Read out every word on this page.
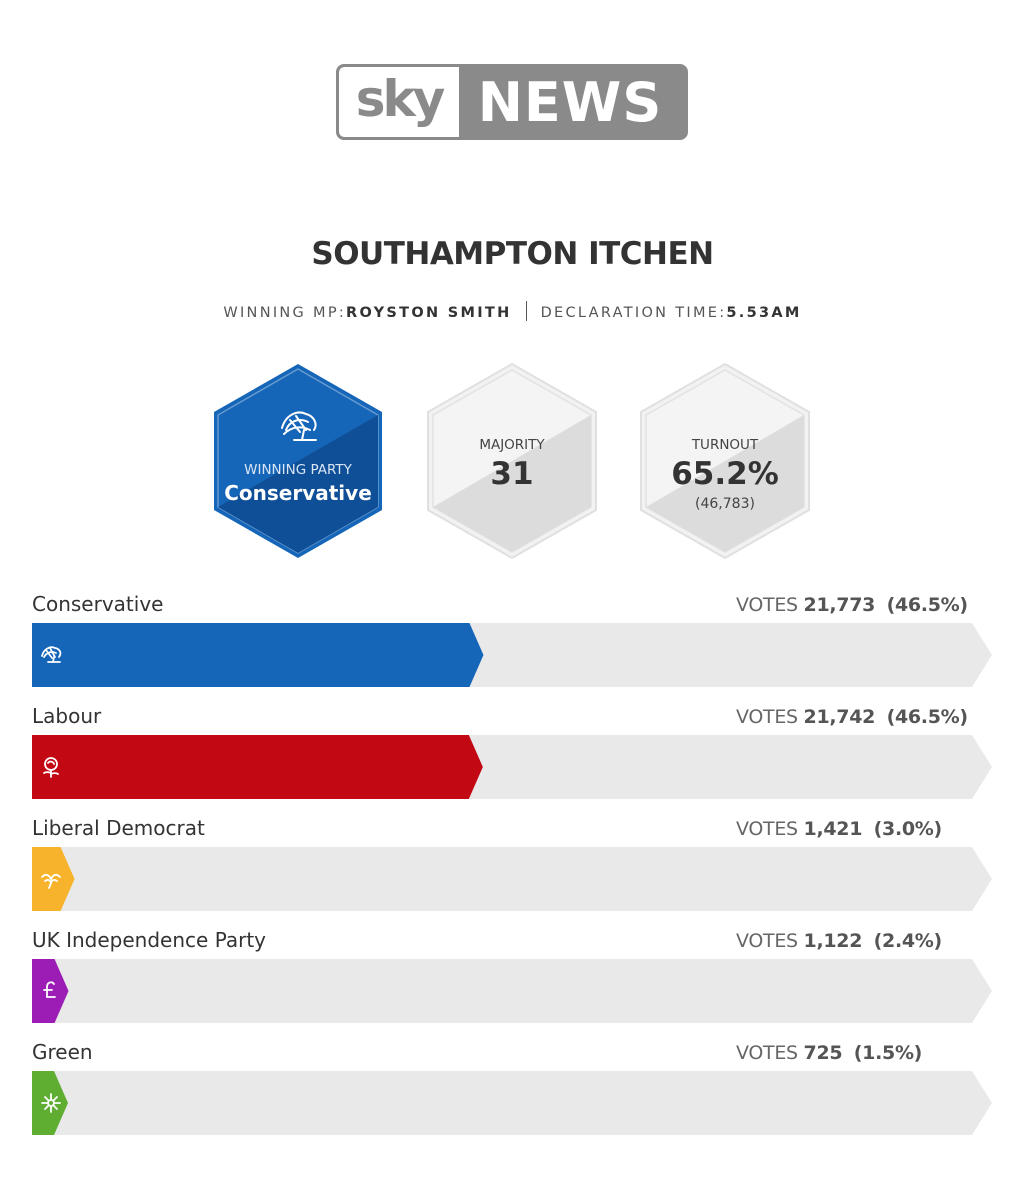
sky NEWS
SOUTHAMPTON ITCHEN
WINNING MP:ROYSTON SMITH DECLARATION TIME:5.53AM
WINNING PARTY
Conservative
MAJORITY
31
TURNOUT
65.2%
(46,783)
Conservative	VOTES 21,773 (46.5%)
Labour	VOTES 21,742 (46.5%)
Liberal Democrat	VOTES 1,421 (3.0%)
UK Independence Party	VOTES 1,122 (2.4%)
Green	VOTES 725 (1.5%)
